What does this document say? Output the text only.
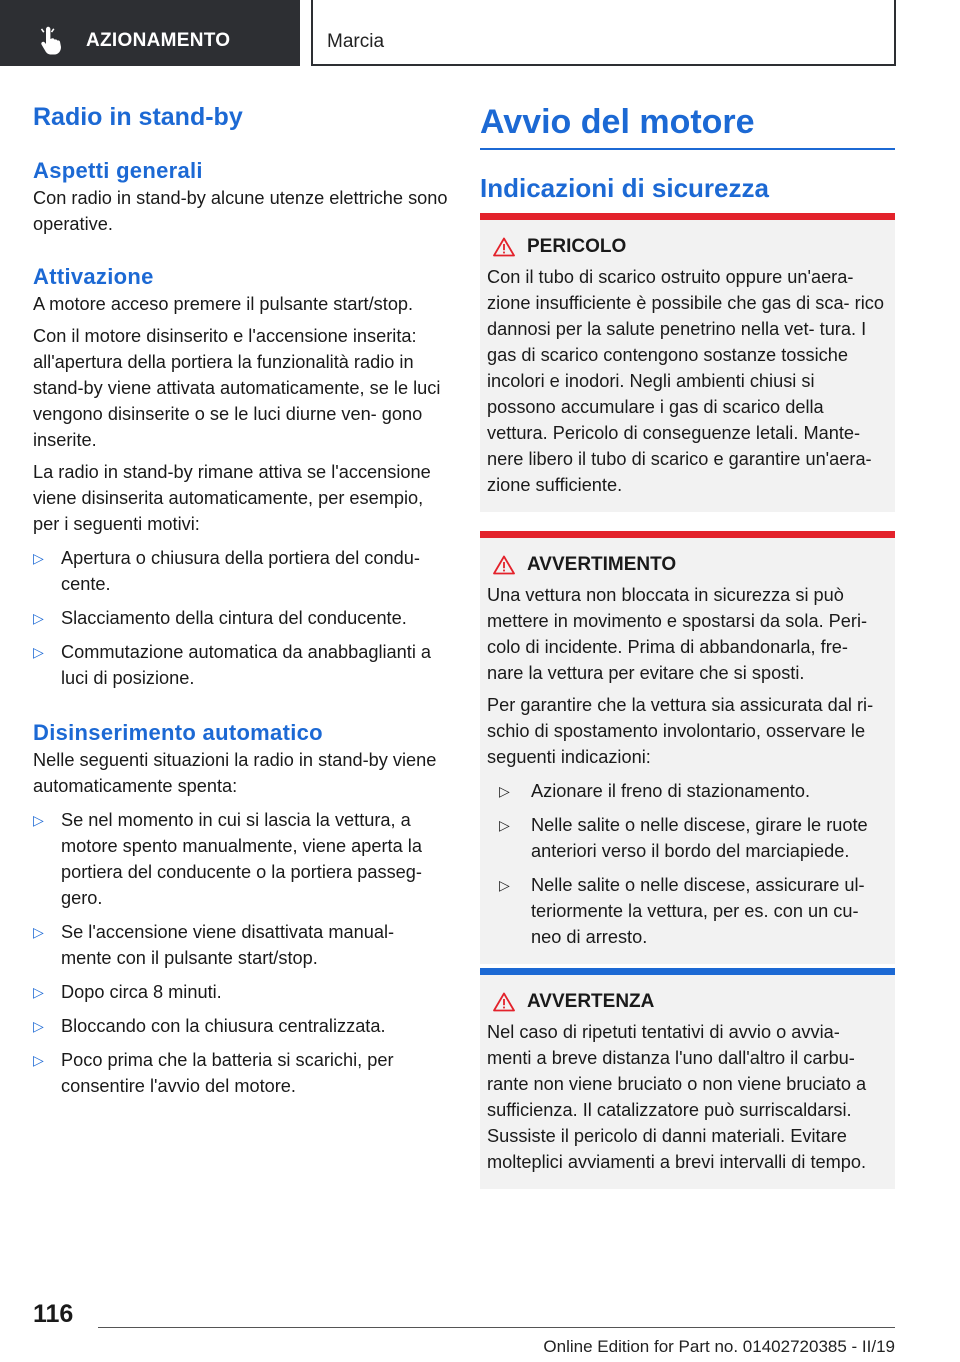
AZIONAMENTO	Marcia
Radio in stand-by
Aspetti generali

Con radio in stand-by alcune utenze elettriche sono operative.

Attivazione

A motore acceso premere il pulsante start/stop.

Con il motore disinserito e l'accensione inserita: all'apertura della portiera la funzionalità radio in stand-by viene attivata automaticamente, se le luci vengono disinserite o se le luci diurne ven‐ gono inserite.

La radio in stand-by rimane attiva se l'accensione viene disinserita automaticamente, per esempio, per i seguenti motivi:

▷ Apertura o chiusura della portiera del condu‐ cente.
▷ Slacciamento della cintura del conducente.
▷ Commutazione automatica da anabbaglianti a luci di posizione.
Disinserimento automatico

Nelle seguenti situazioni la radio in stand-by viene automaticamente spenta:

▷ Se nel momento in cui si lascia la vettura, a motore spento manualmente, viene aperta la portiera del conducente o la portiera passeg‐ gero.
▷ Se l'accensione viene disattivata manual‐ mente con il pulsante start/stop.
▷ Dopo circa 8 minuti.
▷ Bloccando con la chiusura centralizzata.
▷ Poco prima che la batteria si scarichi, per consentire l'avvio del motore.
Avvio del motore
Indicazioni di sicurezza
PERICOLO

Con il tubo di scarico ostruito oppure un'aera‐ zione insufficiente è possibile che gas di sca‐ rico dannosi per la salute penetrino nella vet‐ tura. I gas di scarico contengono sostanze tossiche incolori e inodori. Negli ambienti chiusi si possono accumulare i gas di scarico della vettura. Pericolo di conseguenze letali. Mante‐ nere libero il tubo di scarico e garantire un'aera‐ zione sufficiente.

AVVERTIMENTO

Una vettura non bloccata in sicurezza si può mettere in movimento e spostarsi da sola. Peri‐ colo di incidente. Prima di abbandonarla, fre‐ nare la vettura per evitare che si sposti.

Per garantire che la vettura sia assicurata dal ri‐ schio di spostamento involontario, osservare le seguenti indicazioni:

▷ Azionare il freno di stazionamento.
▷ Nelle salite o nelle discese, girare le ruote anteriori verso il bordo del marciapiede.
▷ Nelle salite o nelle discese, assicurare ul‐ teriormente la vettura, per es. con un cu‐ neo di arresto.
AVVERTENZA

Nel caso di ripetuti tentativi di avvio o avvia‐ menti a breve distanza l'uno dall'altro il carbu‐ rante non viene bruciato o non viene bruciato a sufficienza. Il catalizzatore può surriscaldarsi. Sussiste il pericolo di danni materiali. Evitare molteplici avviamenti a brevi intervalli di tempo.

116
Online Edition for Part no. 01402720385 - II/19
